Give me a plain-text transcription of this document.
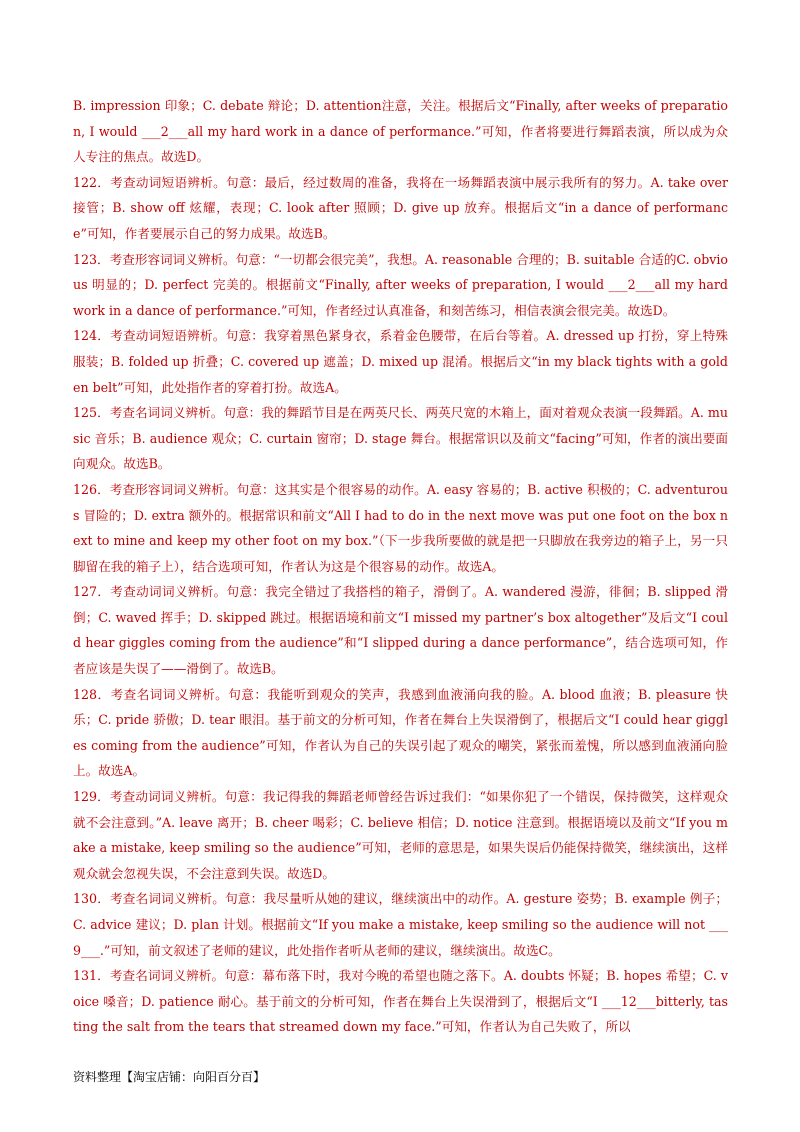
B. impression 印象；C. debate 辩论；D. attention注意，关注。根据后文“Finally, after weeks of preparation, I would ___2___all my hard work in a dance of performance.”可知，作者将要进行舞蹈表演，所以成为众人专注的焦点。故选D。

122．考查动词短语辨析。句意：最后，经过数周的准备，我将在一场舞蹈表演中展示我所有的努力。A. take over 接管；B. show off 炫耀，表现；C. look after 照顾；D. give up 放弃。根据后文“in a dance of performance”可知，作者要展示自己的努力成果。故选B。

123．考查形容词词义辨析。句意：“一切都会很完美”，我想。A. reasonable 合理的；B. suitable 合适的C. obvious 明显的；D. perfect 完美的。根据前文“Finally, after weeks of preparation, I would ___2___all my hard work in a dance of performance.”可知，作者经过认真准备，和刻苦练习，相信表演会很完美。故选D。

124．考查动词短语辨析。句意：我穿着黑色紧身衣，系着金色腰带，在后台等着。A. dressed up 打扮，穿上特殊服装；B. folded up 折叠；C. covered up 遮盖；D. mixed up 混淆。根据后文“in my black tights with a golden belt”可知，此处指作者的穿着打扮。故选A。

125．考查名词词义辨析。句意：我的舞蹈节目是在两英尺长、两英尺宽的木箱上，面对着观众表演一段舞蹈。A. music 音乐；B. audience 观众；C. curtain 窗帘；D. stage 舞台。根据常识以及前文“facing”可知，作者的演出要面向观众。故选B。

126．考查形容词词义辨析。句意：这其实是个很容易的动作。A. easy 容易的；B. active 积极的；C. adventurous 冒险的；D. extra 额外的。根据常识和前文“All I had to do in the next move was put one foot on the box next to mine and keep my other foot on my box.”（下一步我所要做的就是把一只脚放在我旁边的箱子上，另一只脚留在我的箱子上），结合选项可知，作者认为这是个很容易的动作。故选A。

127．考查动词词义辨析。句意：我完全错过了我搭档的箱子，滑倒了。A. wandered 漫游，徘徊；B. slipped 滑倒；C. waved 挥手；D. skipped 跳过。根据语境和前文“I missed my partner’s box altogether”及后文“I could hear giggles coming from the audience”和“I slipped during a dance performance”，结合选项可知，作者应该是失误了——滑倒了。故选B。

128．考查名词词义辨析。句意：我能听到观众的笑声，我感到血液涌向我的脸。A. blood 血液；B. pleasure 快乐；C. pride 骄傲；D. tear 眼泪。基于前文的分析可知，作者在舞台上失误滑倒了，根据后文“I could hear giggles coming from the audience”可知，作者认为自己的失误引起了观众的嘲笑，紧张而羞愧，所以感到血液涌向脸上。故选A。

129．考查动词词义辨析。句意：我记得我的舞蹈老师曾经告诉过我们：“如果你犯了一个错误，保持微笑，这样观众就不会注意到。”A. leave 离开；B. cheer 喝彩；C. believe 相信；D. notice 注意到。根据语境以及前文“If you make a mistake, keep smiling so the audience”可知，老师的意思是，如果失误后仍能保持微笑，继续演出，这样观众就会忽视失误，不会注意到失误。故选D。

130．考查名词词义辨析。句意：我尽量听从她的建议，继续演出中的动作。A. gesture 姿势；B. example 例子；C. advice 建议；D. plan 计划。根据前文“If you make a mistake, keep smiling so the audience will not ___9___.”可知，前文叙述了老师的建议，此处指作者听从老师的建议，继续演出。故选C。

131．考查名词词义辨析。句意：幕布落下时，我对今晚的希望也随之落下。A. doubts 怀疑；B. hopes 希望；C. voice 嗓音；D. patience 耐心。基于前文的分析可知，作者在舞台上失误滑到了，根据后文“I ___12___bitterly, tasting the salt from the tears that streamed down my face.”可知，作者认为自己失败了，所以

资料整理【淘宝店铺：向阳百分百】
